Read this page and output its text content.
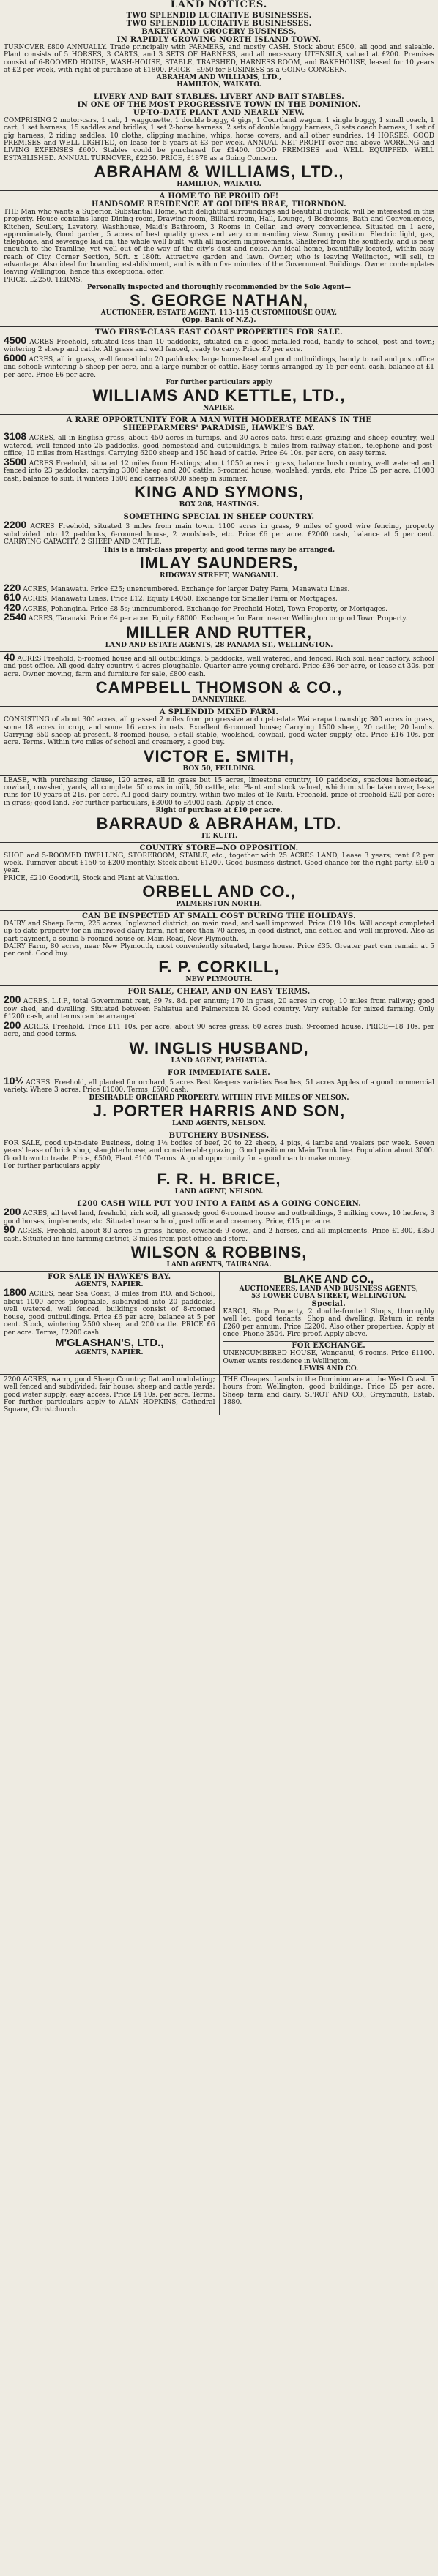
LAND NOTICES.
TWO SPLENDID LUCRATIVE BUSINESSES.
TWO SPLENDID LUCRATIVE BUSINESSES.
BAKERY AND GROCERY BUSINESS,
IN RAPIDLY GROWING NORTH ISLAND TOWN.
TURNOVER £800 ANNUALLY. Trade principally with FARMERS, and mostly CASH. Stock about £500, all good and saleable. Plant consists of 5 HORSES, 3 CARTS, and 3 SETS OF HARNESS, and all necessary UTENSILS, valued at £200. Premises consist of 6-ROOMED HOUSE, WASH-HOUSE, STABLE, TRAPSHED, HARNESS ROOM, and BAKEHOUSE, leased for 10 years at £2 per week, with right of purchase at £1800. PRICE—£950 for BUSINESS as a GOING CONCERN.
ABRAHAM AND WILLIAMS, LTD.,
HAMILTON, WAIKATO.
LIVERY AND BAIT STABLES. LIVERY AND BAIT STABLES.
IN ONE OF THE MOST PROGRESSIVE TOWN IN THE DOMINION.
UP-TO-DATE PLANT AND NEARLY NEW.
COMPRISING 2 motor-cars, 1 cab, 1 waggonette, 1 double buggy, 4 gigs, 1 Courtland wagon, 1 single buggy, 1 small coach, 1 cart, 1 set harness, 15 saddles and bridles, 1 set 2-horse harness, 2 sets of double buggy harness, 3 sets coach harness, 1 set of gig harness, 2 riding saddles, 10 cloths, clipping machine, whips, horse covers, and all other sundries. 14 HORSES. GOOD PREMISES and WELL LIGHTED, on lease for 5 years at £3 per week. ANNUAL NET PROFIT over and above WORKING and LIVING EXPENSES £600. Stables could be purchased for £1400. GOOD PREMISES and WELL EQUIPPED. WELL ESTABLISHED. ANNUAL TURNOVER, £2250. PRICE, £1878 as a Going Concern.
ABRAHAM & WILLIAMS, LTD.,
HAMILTON, WAIKATO.
A HOME TO BE PROUD OF!
HANDSOME RESIDENCE AT GOLDIE'S BRAE, THORNDON.
THE Man who wants a Superior, Substantial Home, with delightful surroundings and beautiful outlook, will be interested in this property. House contains large Dining-room, Drawing-room, Billiard-room, Hall, Lounge, 4 Bedrooms, Bath and Conveniences, Kitchen, Scullery, Lavatory, Washhouse, Maid's Bathroom, 3 Rooms in Cellar, and every convenience. Situated on 1 acre, approximately, Good garden, 5 acres of best quality grass and very commanding view. Sunny position. Electric light, gas, telephone, and sewerage laid on, the whole well built, with all modern improvements. Sheltered from the southerly, and is near enough to the Tramline, yet well out of the way of the city's dust and noise. An ideal home, beautifully located, within easy reach of City. Corner Section, 50ft. x 180ft. Attractive garden and lawn. Owner, who is leaving Wellington, will sell, to advantage. Also ideal for boarding establishment, and is within five minutes of the Government Buildings. Owner contemplates leaving Wellington, hence this exceptional offer.
PRICE, £2250. TERMS.
Personally inspected and thoroughly recommended by the Sole Agent—
S. GEORGE NATHAN,
AUCTIONEER, ESTATE AGENT, 113-115 CUSTOMHOUSE QUAY,
(Opp. Bank of N.Z.).
TWO FIRST-CLASS EAST COAST PROPERTIES FOR SALE.
4500 ACRES Freehold, situated less than 10 paddocks, situated on a good metalled road, handy to school, post and town; wintering 2 sheep and cattle. All grass and well fenced, ready to carry. Price £7 per acre.
6000 ACRES, all in grass, well fenced into 20 paddocks; large homestead and good outbuildings, handy to rail and post office and school; wintering 5 sheep per acre, and a large number of cattle. Easy terms arranged by 15 per cent. cash, balance at £1 per acre. Price £6 per acre.
For further particulars apply
WILLIAMS AND KETTLE, LTD.,
NAPIER.
A RARE OPPORTUNITY FOR A MAN WITH MODERATE MEANS IN THE
SHEEPFARMERS' PARADISE, HAWKE'S BAY.
3108 ACRES, all in English grass, about 450 acres in turnips, and 30 acres oats, first-class grazing and sheep country, well watered, well fenced into 25 paddocks, good homestead and outbuildings, 5 miles from railway station, telephone and post-office; 10 miles from Hastings. Carrying 6200 sheep and 150 head of cattle. Price £4 10s. per acre, on easy terms.
3500 ACRES Freehold, situated 12 miles from Hastings; about 1050 acres in grass, balance bush country, well watered and fenced into 23 paddocks; carrying 3000 sheep and 200 cattle; 6-roomed house, woolshed, yards, etc. Price £5 per acre. £1000 cash, balance to suit. It winters 1600 and carries 6000 sheep in summer.
KING AND SYMONS,
BOX 208, HASTINGS.
SOMETHING SPECIAL IN SHEEP COUNTRY.
2200 ACRES Freehold, situated 3 miles from main town. 1100 acres in grass, 9 miles of good wire fencing, property subdivided into 12 paddocks, 6-roomed house, 2 woolsheds, etc. Price £6 per acre. £2000 cash, balance at 5 per cent. CARRYING CAPACITY, 2 SHEEP AND CATTLE.
This is a first-class property, and good terms may be arranged.
IMLAY SAUNDERS,
RIDGWAY STREET, WANGANUI.
220 ACRES, Manawatu. Price £25; unencumbered. Exchange for larger Dairy Farm, Manawatu Lines.
610 ACRES, Manawatu Lines. Price £12; Equity £4050. Exchange for Smaller Farm or Mortgages.
420 ACRES, Pohangina. Price £8 5s; unencumbered. Exchange for Freehold Hotel, Town Property, or Mortgages.
2540 ACRES, Taranaki. Price £4 per acre. Equity £8000. Exchange for Farm nearer Wellington or good Town Property.
MILLER AND RUTTER,
LAND AND ESTATE AGENTS, 28 PANAMA ST., WELLINGTON.
40 ACRES Freehold, 5-roomed house and all outbuildings, 5 paddocks, well watered, and fenced. Rich soil, near factory, school and post office. All good dairy country. 4 acres ploughable. Quarter-acre young orchard. Price £36 per acre, or lease at 30s. per acre. Owner moving, farm and furniture for sale, £800 cash.
CAMPBELL THOMSON & CO.,
DANNEVIRKE.
A SPLENDID MIXED FARM.
CONSISTING of about 300 acres, all grassed 2 miles from progressive and up-to-date Wairarapa township; 300 acres in grass, some 18 acres in crop, and some 16 acres in oats. Excellent 6-roomed house; Carrying 1500 sheep, 20 cattle; 20 lambs. Carrying 650 sheep at present. 8-roomed house, 5-stall stable, woolshed, cowbail, good water supply, etc. Price £16 10s. per acre. Terms. Within two miles of school and creamery, a good buy.
VICTOR E. SMITH,
BOX 50, FEILDING.
LEASE, with purchasing clause, 120 acres, all in grass but 15 acres, limestone country, 10 paddocks, spacious homestead, cowbail, cowshed, yards, all complete. 50 cows in milk, 50 cattle, etc. Plant and stock valued, which must be taken over, lease runs for 10 years at 21s. per acre. All good dairy country, within two miles of Te Kuiti. Freehold, price of freehold £20 per acre; in grass; good land. For further particulars, £3000 to £4000 cash. Apply at once.
Right of purchase at £10 per acre.
BARRAUD & ABRAHAM, LTD.
TE KUITI.
COUNTRY STORE—NO OPPOSITION.
SHOP and 5-ROOMED DWELLING, STOREROOM, STABLE, etc., together with 25 ACRES LAND, Lease 3 years; rent £2 per week. Turnover about £150 to £200 monthly. Stock about £1200. Good business district. Good chance for the right party. £90 a year.
PRICE, £210 Goodwill, Stock and Plant at Valuation.
ORBELL AND CO.,
PALMERSTON NORTH.
CAN BE INSPECTED AT SMALL COST DURING THE HOLIDAYS.
DAIRY and Sheep Farm, 225 acres, Inglewood district, on main road, and well improved. Price £19 10s. Will accept completed up-to-date property for an improved dairy farm, not more than 70 acres, in good district, and settled and well improved. Also as part payment, a sound 5-roomed house on Main Road, New Plymouth.
DAIRY Farm, 80 acres, near New Plymouth, most conveniently situated, large house. Price £35. Greater part can remain at 5 per cent. Good buy.
F. P. CORKILL,
NEW PLYMOUTH.
FOR SALE, CHEAP, AND ON EASY TERMS.
200 ACRES, L.I.P., total Government rent, £9 7s. 8d. per annum; 170 in grass, 20 acres in crop; 10 miles from railway; good cow shed, and dwelling. Situated between Pahiatua and Palmerston N. Good country. Very suitable for mixed farming. Only £1200 cash, and terms can be arranged.
200 ACRES, Freehold. Price £11 10s. per acre; about 90 acres grass; 60 acres bush; 9-roomed house. PRICE—£8 10s. per acre, and good terms.
W. INGLIS HUSBAND,
LAND AGENT, PAHIATUA.
FOR IMMEDIATE SALE.
10½ ACRES. Freehold, all planted for orchard, 5 acres Best Keepers varieties Peaches, 51 acres Apples of a good commercial variety. Where 3 acres. Price £1000. Terms, £500 cash.
DESIRABLE ORCHARD PROPERTY, WITHIN FIVE MILES OF NELSON.
J. PORTER HARRIS AND SON,
LAND AGENTS, NELSON.
BUTCHERY BUSINESS.
FOR SALE, good up-to-date Business, doing 1½ bodies of beef, 20 to 22 sheep, 4 pigs, 4 lambs and vealers per week. Seven years' lease of brick shop, slaughterhouse, and considerable grazing. Good position on Main Trunk line. Population about 3000. Good town to trade. Price, £500, Plant £100. Terms. A good opportunity for a good man to make money.
For further particulars apply
F. R. H. BRICE,
LAND AGENT, NELSON.
£200 CASH WILL PUT YOU INTO A FARM AS A GOING CONCERN.
200 ACRES, all level land, freehold, rich soil, all grassed; good 6-roomed house and outbuildings, 3 milking cows, 10 heifers, 3 good horses, implements, etc. Situated near school, post office and creamery. Price, £15 per acre.
90 ACRES. Freehold, about 80 acres in grass, house, cowshed; 9 cows, and 2 horses, and all implements. Price £1300, £350 cash. Situated in fine farming district, 3 miles from post office and store.
WILSON & ROBBINS,
LAND AGENTS, TAURANGA.
FOR SALE IN HAWKE'S BAY.
AGENTS, NAPIER.
1800 ACRES, near Sea Coast, 3 miles from P.O. and School, about 1000 acres ploughable, subdivided into 20 paddocks, well watered, well fenced, buildings consist of 8-roomed house, good outbuildings. Price £6 per acre, balance at 5 per cent. Stock, wintering 2500 sheep and 200 cattle. PRICE £6 per acre. Terms, £2200 cash.
M'GLASHAN'S, LTD.,
AGENTS, NAPIER.
BLAKE AND CO.,
AUCTIONEERS, LAND AND BUSINESS AGENTS,
53 LOWER CUBA STREET, WELLINGTON.
Special.
KAROI, Shop Property, 2 double-fronted Shops, thoroughly well let, good tenants; Shop and dwelling. Return in rents £260 per annum. Price £2200. Also other properties. Apply at once. Phone 2504. Fire-proof. Apply above.
FOR EXCHANGE.
UNENCUMBERED HOUSE, Wanganui, 6 rooms. Price £1100. Owner wants residence in Wellington.
LEWIS AND CO.
2200 ACRES, warm, good Sheep Country; flat and undulating; well fenced and subdivided; fair house; sheep and cattle yards; good water supply; easy access. Price £4 10s. per acre. Terms. For further particulars apply to ALAN HOPKINS, Cathedral Square, Christchurch.
THE Cheapest Lands in the Dominion are at the West Coast. 5 hours from Wellington, good buildings. Price £5 per acre. Sheep farm and dairy. SPROT AND CO., Greymouth, Estab. 1880.
